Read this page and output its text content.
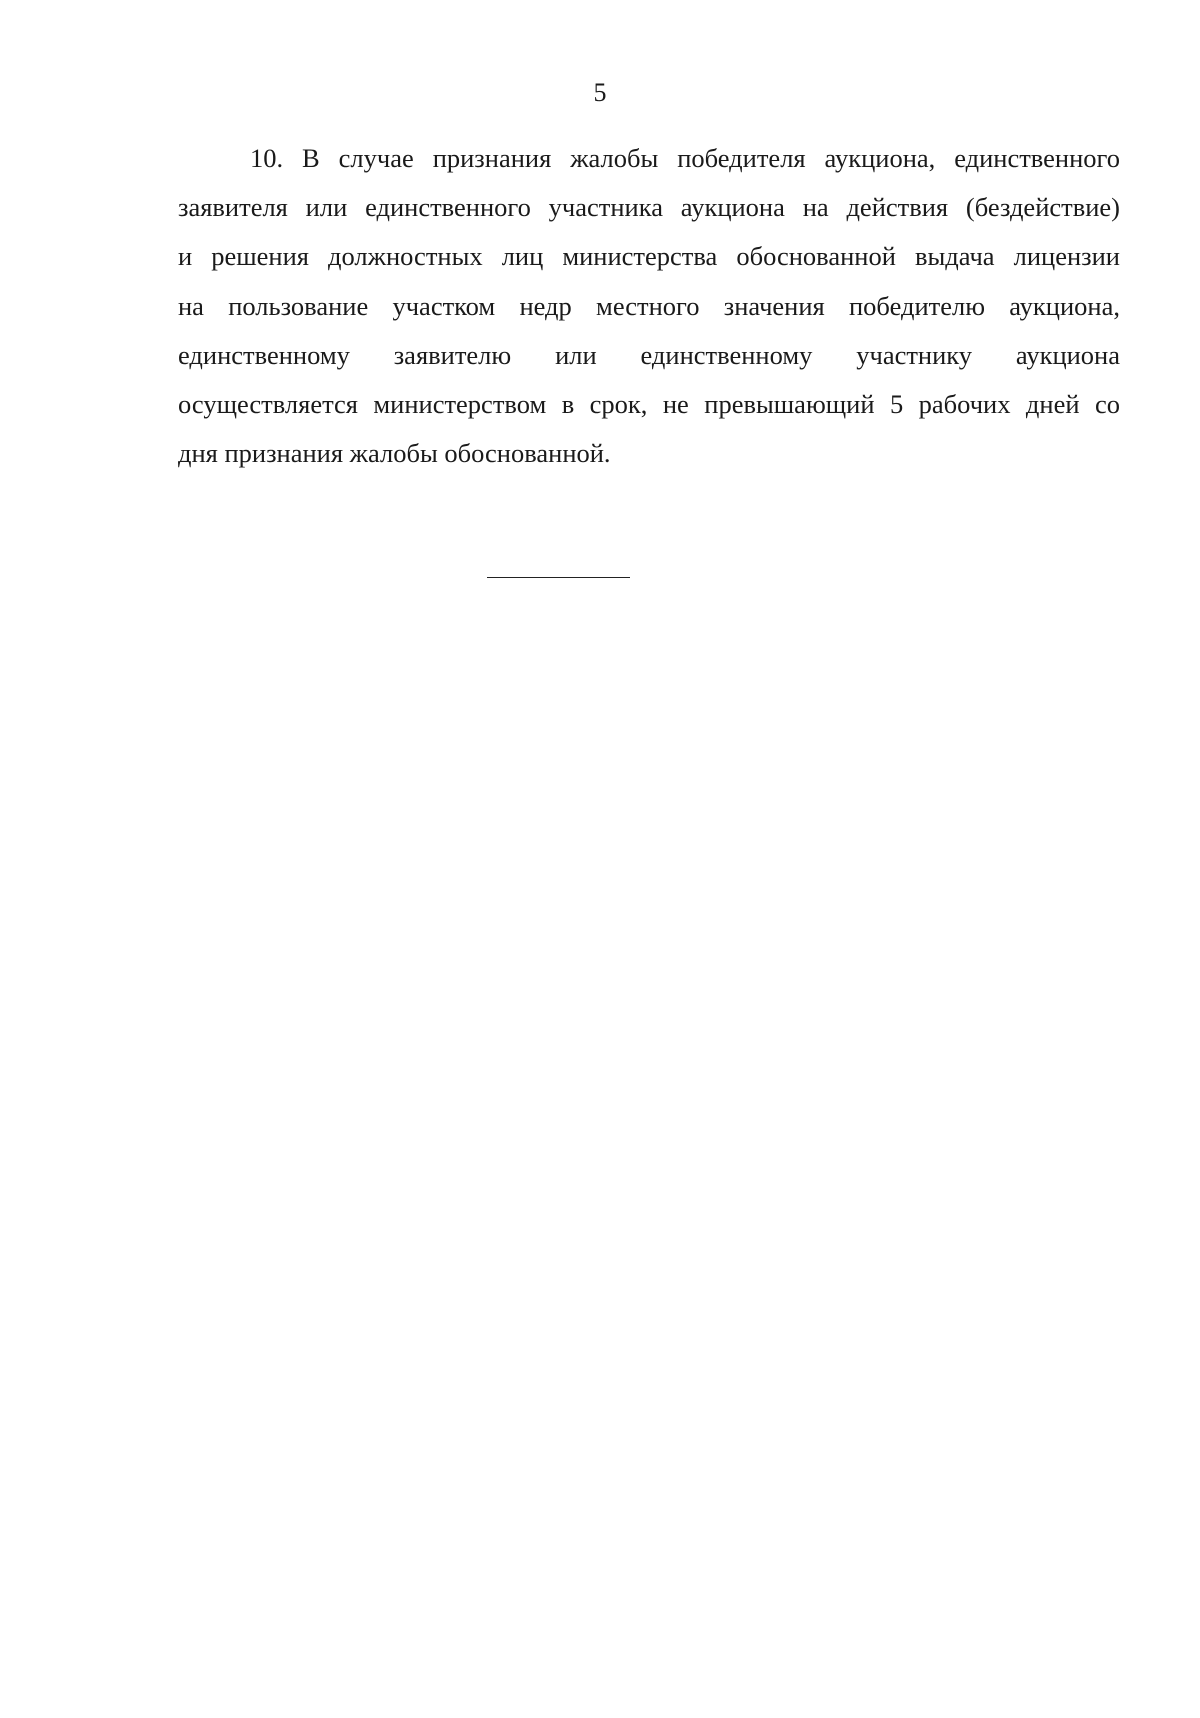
5
10. В случае признания жалобы победителя аукциона, единственного
заявителя или единственного участника аукциона на действия (бездействие)
и решения должностных лиц министерства обоснованной выдача лицензии
на пользование участком недр местного значения победителю аукциона,
единственному заявителю или единственному участнику аукциона
осуществляется министерством в срок, не превышающий 5 рабочих дней со
дня признания жалобы обоснованной.
